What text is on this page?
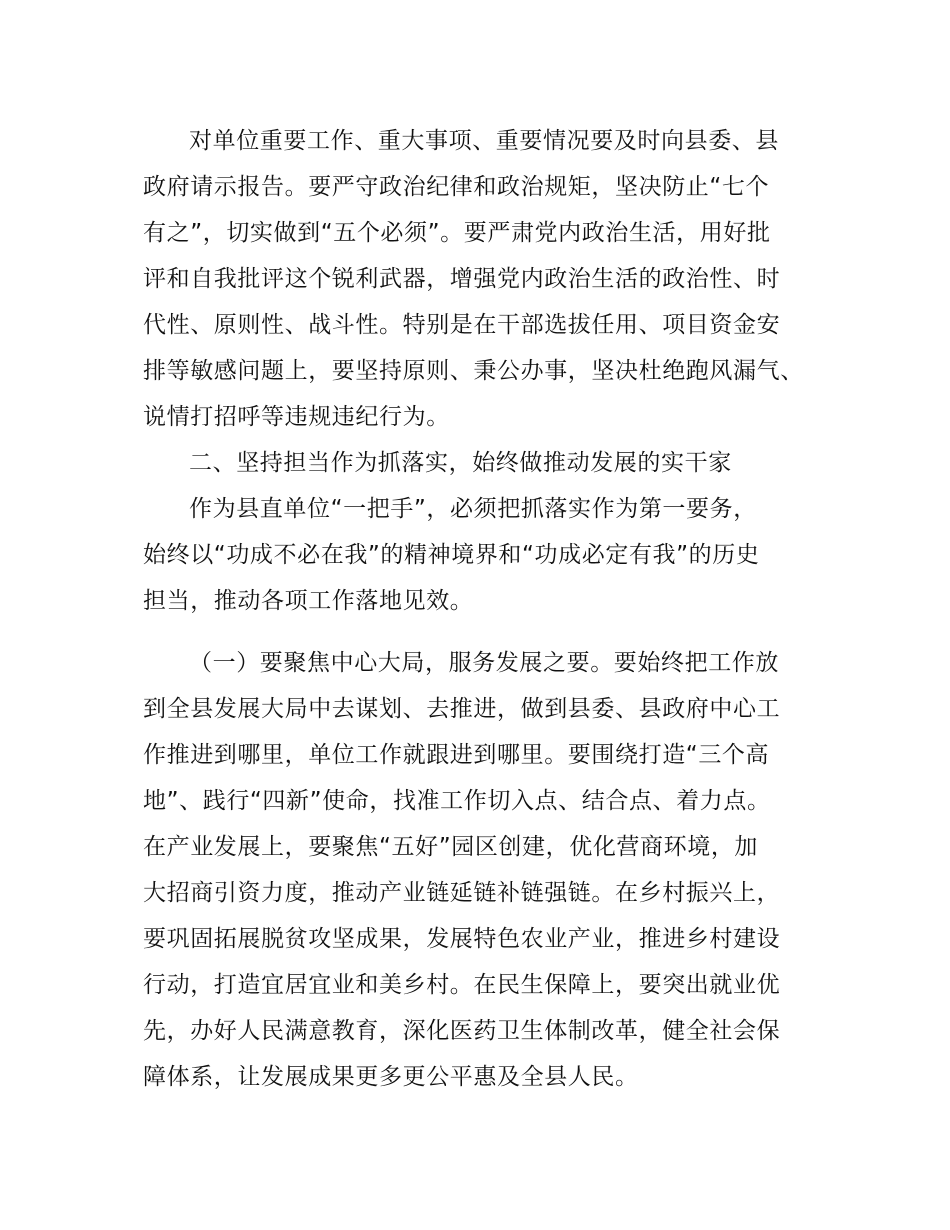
对单位重要工作、重大事项、重要情况要及时向县委、县
政府请示报告。要严守政治纪律和政治规矩，坚决防止“七个
有之”，切实做到“五个必须”。要严肃党内政治生活，用好批
评和自我批评这个锐利武器，增强党内政治生活的政治性、时
代性、原则性、战斗性。特别是在干部选拔任用、项目资金安
排等敏感问题上，要坚持原则、秉公办事，坚决杜绝跑风漏气、
说情打招呼等违规违纪行为。
二、坚持担当作为抓落实，始终做推动发展的实干家
作为县直单位“一把手”，必须把抓落实作为第一要务，
始终以“功成不必在我”的精神境界和“功成必定有我”的历史
担当，推动各项工作落地见效。
（一）要聚焦中心大局，服务发展之要。要始终把工作放
到全县发展大局中去谋划、去推进，做到县委、县政府中心工
作推进到哪里，单位工作就跟进到哪里。要围绕打造“三个高
地”、践行“四新”使命，找准工作切入点、结合点、着力点。
在产业发展上，要聚焦“五好”园区创建，优化营商环境，加
大招商引资力度，推动产业链延链补链强链。在乡村振兴上，
要巩固拓展脱贫攻坚成果，发展特色农业产业，推进乡村建设
行动，打造宜居宜业和美乡村。在民生保障上，要突出就业优
先，办好人民满意教育，深化医药卫生体制改革，健全社会保
障体系，让发展成果更多更公平惠及全县人民。
